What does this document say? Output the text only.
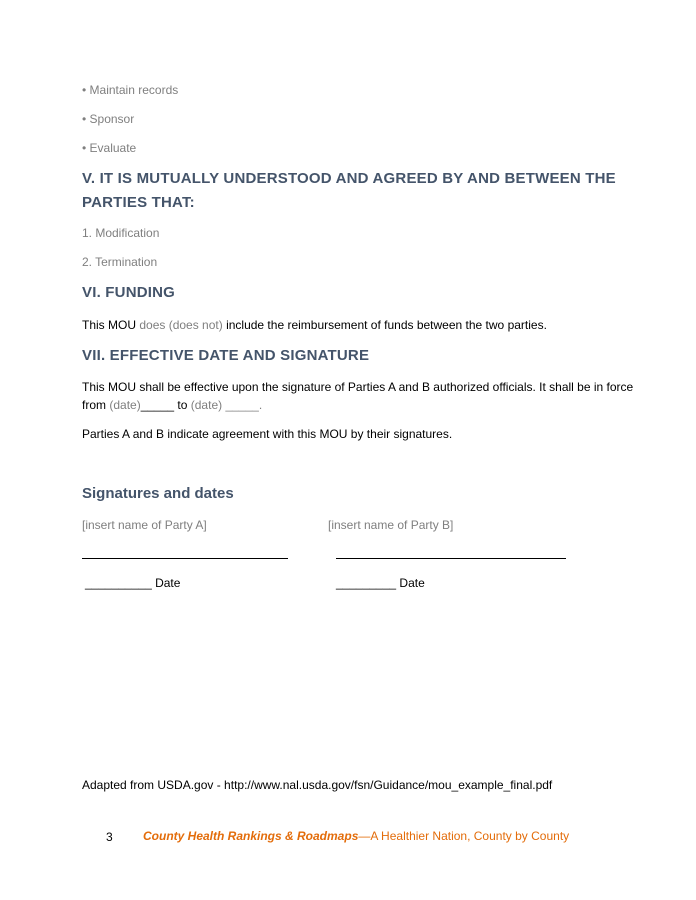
• Maintain records
• Sponsor
• Evaluate
V. IT IS MUTUALLY UNDERSTOOD AND AGREED BY AND BETWEEN THE
PARTIES THAT:
1. Modification
2. Termination
VI. FUNDING
This MOU does (does not) include the reimbursement of funds between the two parties.
VII. EFFECTIVE DATE AND SIGNATURE
This MOU shall be effective upon the signature of Parties A and B authorized officials. It shall be in force
from (date)_____ to (date) _____.
Parties A and B indicate agreement with this MOU by their signatures.
Signatures and dates
[insert name of Party A]	[insert name of Party B]
__________ Date	_________ Date
Adapted from USDA.gov - http://www.nal.usda.gov/fsn/Guidance/mou_example_final.pdf
3	County Health Rankings & Roadmaps—A Healthier Nation, County by County
